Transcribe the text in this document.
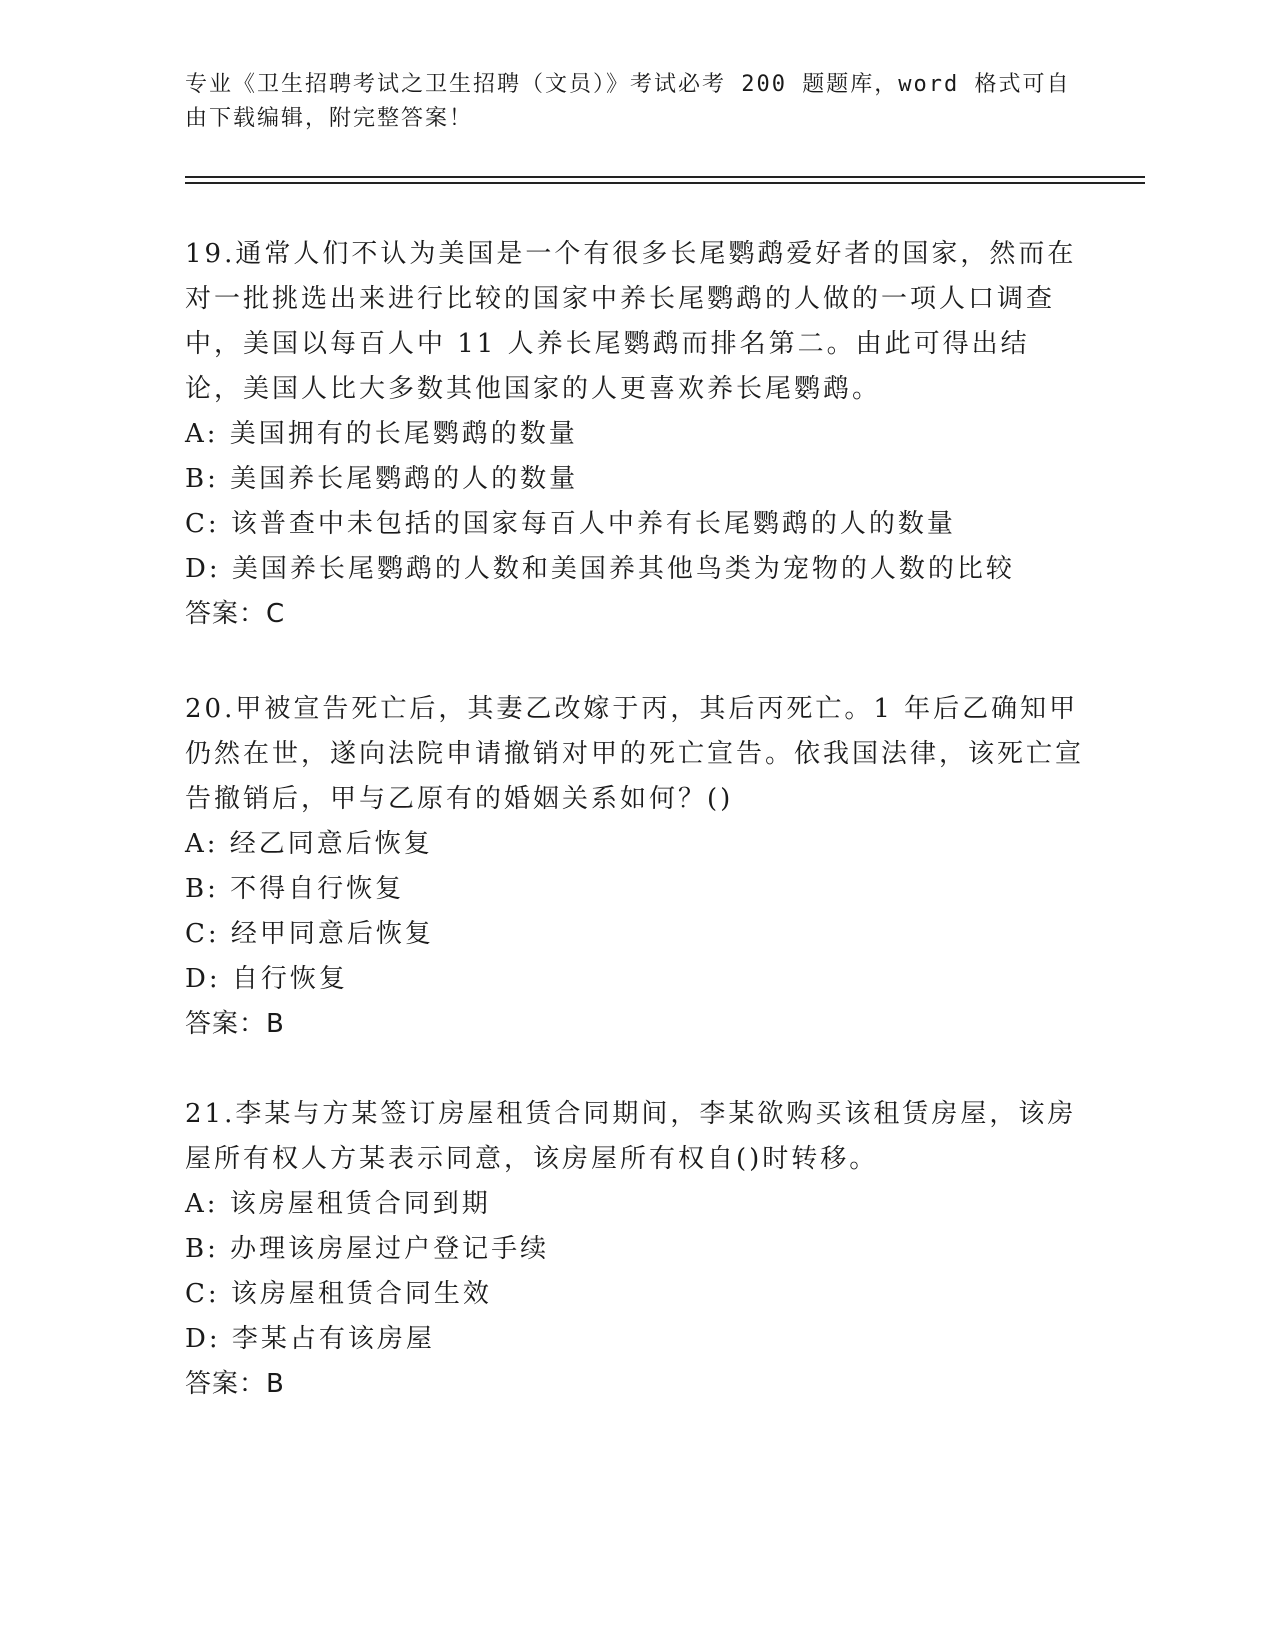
专业《卫生招聘考试之卫生招聘（文员）》考试必考 200 题题库，word 格式可自
由下载编辑，附完整答案！

19.通常人们不认为美国是一个有很多长尾鹦鹉爱好者的国家，然而在对一批挑选出来进行比较的国家中养长尾鹦鹉的人做的一项人口调查中，美国以每百人中 11 人养长尾鹦鹉而排名第二。由此可得出结论，美国人比大多数其他国家的人更喜欢养长尾鹦鹉。

A: 美国拥有的长尾鹦鹉的数量

B: 美国养长尾鹦鹉的人的数量

C: 该普查中未包括的国家每百人中养有长尾鹦鹉的人的数量

D: 美国养长尾鹦鹉的人数和美国养其他鸟类为宠物的人数的比较

答案：C

20.甲被宣告死亡后，其妻乙改嫁于丙，其后丙死亡。1 年后乙确知甲仍然在世，遂向法院申请撤销对甲的死亡宣告。依我国法律，该死亡宣告撤销后，甲与乙原有的婚姻关系如何？()

A: 经乙同意后恢复

B: 不得自行恢复

C: 经甲同意后恢复

D: 自行恢复

答案：B

21.李某与方某签订房屋租赁合同期间，李某欲购买该租赁房屋，该房屋所有权人方某表示同意，该房屋所有权自()时转移。

A: 该房屋租赁合同到期

B: 办理该房屋过户登记手续

C: 该房屋租赁合同生效

D: 李某占有该房屋

答案：B
